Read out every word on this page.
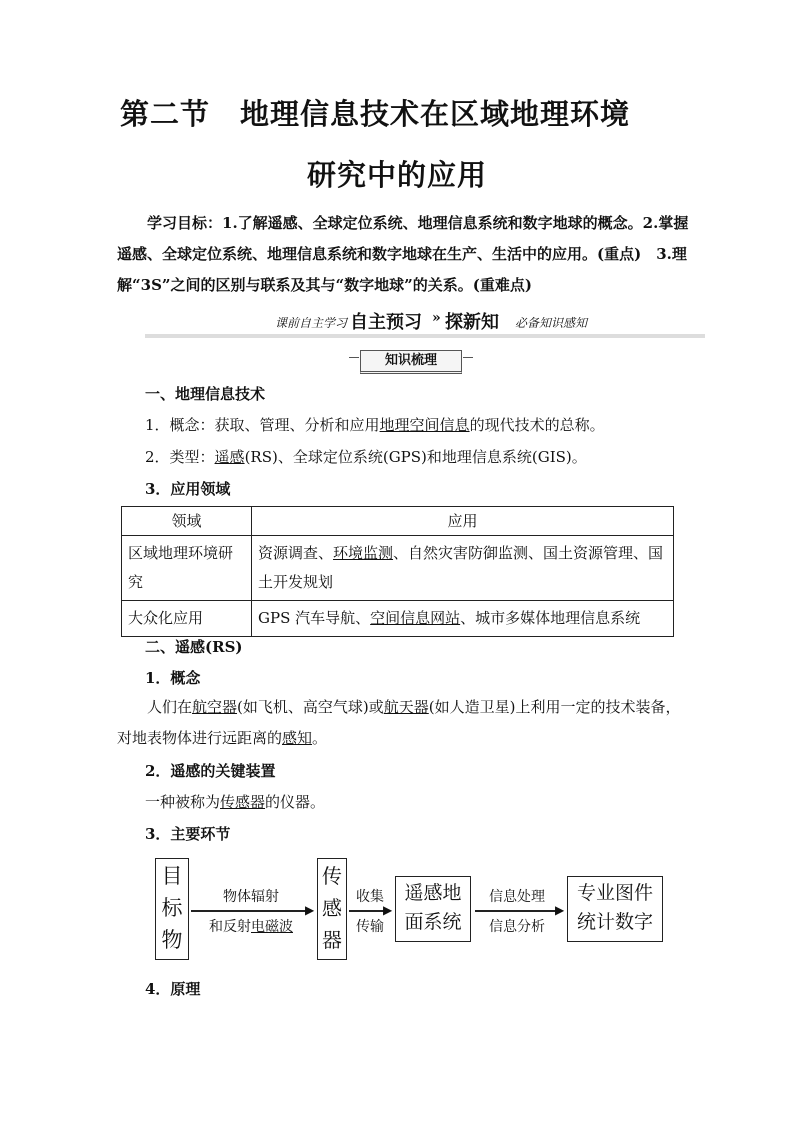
第二节　地理信息技术在区域地理环境
研究中的应用
学习目标：1.了解遥感、全球定位系统、地理信息系统和数字地球的概念。2.掌握遥感、全球定位系统、地理信息系统和数字地球在生产、生活中的应用。(重点)　3.理解“3S”之间的区别与联系及其与“数字地球”的关系。(重难点)
课前自主学习 自主预习 » 探新知 必备知识感知
知识梳理
一、地理信息技术
1．概念：获取、管理、分析和应用地理空间信息的现代技术的总称。
2．类型：遥感(RS)、全球定位系统(GPS)和地理信息系统(GIS)。
3．应用领域
领域	应用
区域地理环境研究	资源调查、环境监测、自然灾害防御监测、国土资源管理、国土开发规划
大众化应用	GPS 汽车导航、空间信息网站、城市多媒体地理信息系统
二、遥感(RS)
1．概念
人们在航空器(如飞机、高空气球)或航天器(如人造卫星)上利用一定的技术装备，对地表物体进行远距离的感知。
2．遥感的关键装置
一种被称为传感器的仪器。
3．主要环节
目
标
物
物体辐射
▶
和反射电磁波
传
感
器
收集
▶
传输
遥感地
面系统
信息处理
▶
信息分析
专业图件
统计数字
4．原理
